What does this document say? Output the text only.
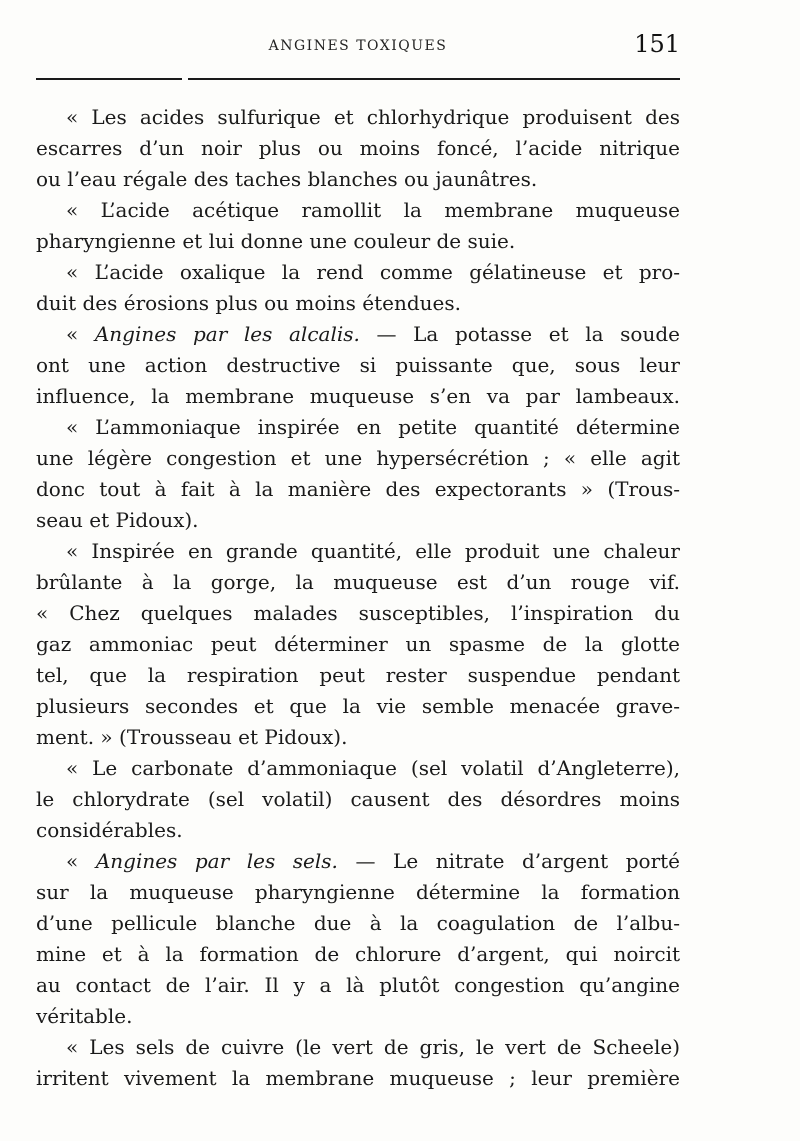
ANGINES TOXIQUES	151
« Les acides sulfurique et chlorhydrique produisent des
escarres d’un noir plus ou moins foncé, l’acide nitrique
ou l’eau régale des taches blanches ou jaunâtres.
« L’acide acétique ramollit la membrane muqueuse
pharyngienne et lui donne une couleur de suie.
« L’acide oxalique la rend comme gélatineuse et pro-
duit des érosions plus ou moins étendues.
« Angines par les alcalis. — La potasse et la soude
ont une action destructive si puissante que, sous leur
influence, la membrane muqueuse s’en va par lambeaux.
« L’ammoniaque inspirée en petite quantité détermine
une légère congestion et une hypersécrétion ; « elle agit
donc tout à fait à la manière des expectorants » (Trous-
seau et Pidoux).
« Inspirée en grande quantité, elle produit une chaleur
brûlante à la gorge, la muqueuse est d’un rouge vif.
« Chez quelques malades susceptibles, l’inspiration du
gaz ammoniac peut déterminer un spasme de la glotte
tel, que la respiration peut rester suspendue pendant
plusieurs secondes et que la vie semble menacée grave-
ment. » (Trousseau et Pidoux).
« Le carbonate d’ammoniaque (sel volatil d’Angleterre),
le chlorydrate (sel volatil) causent des désordres moins
considérables.
« Angines par les sels. — Le nitrate d’argent porté
sur la muqueuse pharyngienne détermine la formation
d’une pellicule blanche due à la coagulation de l’albu-
mine et à la formation de chlorure d’argent, qui noircit
au contact de l’air. Il y a là plutôt congestion qu’angine
véritable.
« Les sels de cuivre (le vert de gris, le vert de Scheele)
irritent vivement la membrane muqueuse ; leur première
